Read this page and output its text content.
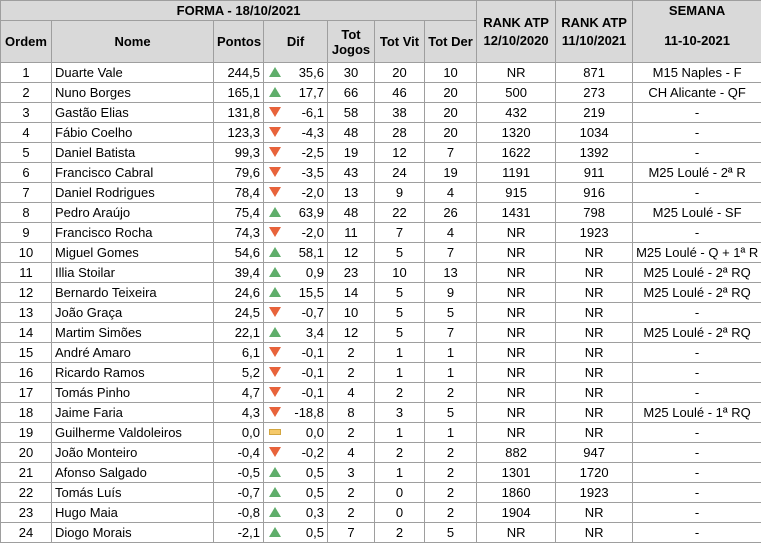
FORMA - 18/10/2021							RANK ATP 12/10/2020	RANK ATP 11/10/2021	SEMANA
11-10-2021

Ordem	Nome	Pontos	Dif	Tot Jogos	Tot Vit	Tot Der			
1	Duarte Vale	244,5	35,6	30	20	10	NR	871	M15 Naples - F
2	Nuno Borges	165,1	17,7	66	46	20	500	273	CH Alicante - QF
3	Gastão Elias	131,8	-6,1	58	38	20	432	219	-
4	Fábio Coelho	123,3	-4,3	48	28	20	1320	1034	-
5	Daniel Batista	99,3	-2,5	19	12	7	1622	1392	-
6	Francisco Cabral	79,6	-3,5	43	24	19	1191	911	M25 Loulé - 2ª R
7	Daniel Rodrigues	78,4	-2,0	13	9	4	915	916	-
8	Pedro Araújo	75,4	63,9	48	22	26	1431	798	M25 Loulé - SF
9	Francisco Rocha	74,3	-2,0	11	7	4	NR	1923	-
10	Miguel Gomes	54,6	58,1	12	5	7	NR	NR	M25 Loulé - Q + 1ª R
11	Illia Stoilar	39,4	0,9	23	10	13	NR	NR	M25 Loulé - 2ª RQ
12	Bernardo Teixeira	24,6	15,5	14	5	9	NR	NR	M25 Loulé - 2ª RQ
13	João Graça	24,5	-0,7	10	5	5	NR	NR	-
14	Martim Simões	22,1	3,4	12	5	7	NR	NR	M25 Loulé - 2ª RQ
15	André Amaro	6,1	-0,1	2	1	1	NR	NR	-
16	Ricardo Ramos	5,2	-0,1	2	1	1	NR	NR	-
17	Tomás Pinho	4,7	-0,1	4	2	2	NR	NR	-
18	Jaime Faria	4,3	-18,8	8	3	5	NR	NR	M25 Loulé - 1ª RQ
19	Guilherme Valdoleiros	0,0	0,0	2	1	1	NR	NR	-
20	João Monteiro	-0,4	-0,2	4	2	2	882	947	-
21	Afonso Salgado	-0,5	0,5	3	1	2	1301	1720	-
22	Tomás Luís	-0,7	0,5	2	0	2	1860	1923	-
23	Hugo Maia	-0,8	0,3	2	0	2	1904	NR	-
24	Diogo Morais	-2,1	0,5	7	2	5	NR	NR	-
